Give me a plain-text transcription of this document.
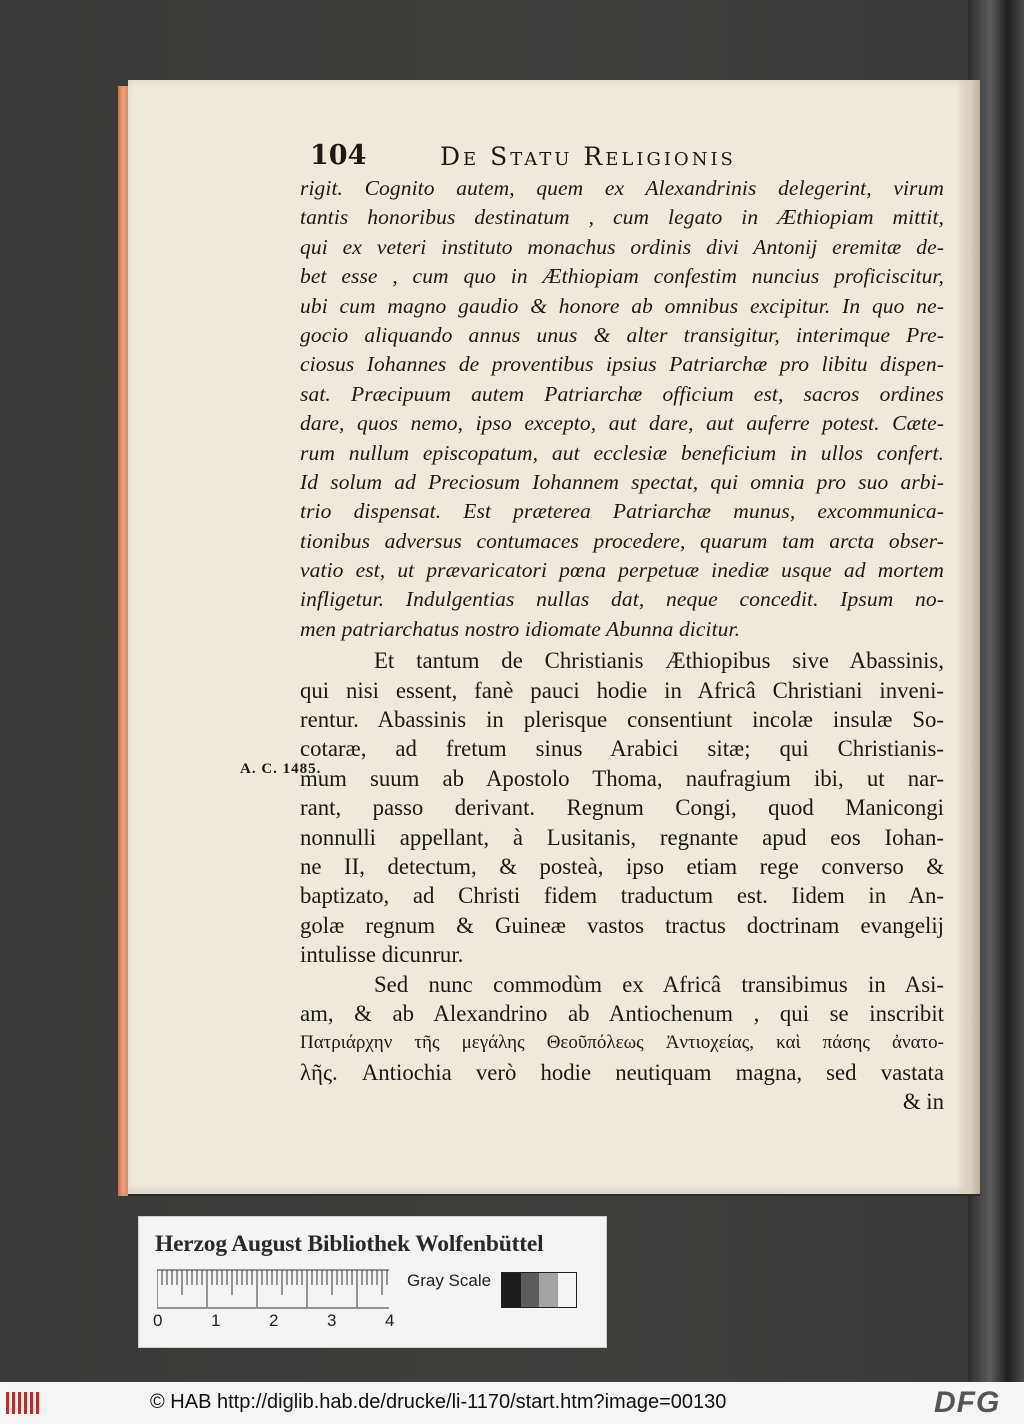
104	De Statu Religionis
rigit. Cognito autem, quem ex Alexandrinis delegerint, virum
tantis honoribus destinatum , cum legato in Æthiopiam mittit,
qui ex veteri instituto monachus ordinis divi Antonij eremitæ de-
bet esse , cum quo in Æthiopiam confestim nuncius proficiscitur,
ubi cum magno gaudio & honore ab omnibus excipitur. In quo ne-
gocio aliquando annus unus & alter transigitur, interimque Pre-
ciosus Iohannes de proventibus ipsius Patriarchæ pro libitu dispen-
sat. Præcipuum autem Patriarchæ officium est, sacros ordines
dare, quos nemo, ipso excepto, aut dare, aut auferre potest. Cæte-
rum nullum episcopatum, aut ecclesiæ beneficium in ullos confert.
Id solum ad Preciosum Iohannem spectat, qui omnia pro suo arbi-
trio dispensat. Est præterea Patriarchæ munus, excommunica-
tionibus adversus contumaces procedere, quarum tam arcta obser-
vatio est, ut prævaricatori pœna perpetuæ inediæ usque ad mortem
infligetur. Indulgentias nullas dat, neque concedit. Ipsum no-
men patriarchatus nostro idiomate Abunna dicitur.
Et tantum de Christianis Æthiopibus sive Abassinis,
qui nisi essent, fanè pauci hodie in Africâ Christiani inveni-
rentur. Abassinis in plerisque consentiunt incolæ insulæ So-
cotaræ, ad fretum sinus Arabici sitæ; qui Christianis-
mum suum ab Apostolo Thoma, naufragium ibi, ut nar-
rant, passo derivant. Regnum Congi, quod Manicongi
nonnulli appellant, à Lusitanis, regnante apud eos Iohan-
ne II, detectum, & posteà, ipso etiam rege converso &
baptizato, ad Christi fidem traductum est. Iidem in An-
golæ regnum & Guineæ vastos tractus doctrinam evangelij
intulisse dicunrur.
Sed nunc commodùm ex Africâ transibimus in Asi-
am, & ab Alexandrino ab Antiochenum , qui se inscribit
Πατριάρχην τῆς μεγάλης Θεοῦπόλεως Ἀντιοχείας, καὶ πάσης ἀνατο-
λῆς. Antiochia verò hodie neutiquam magna, sed vastata
& in
A. C. 1485.
Herzog August Bibliothek Wolfenbüttel
Gray Scale
0	1	2	3	4
© HAB http://diglib.hab.de/drucke/li-1170/start.htm?image=00130	DFG
